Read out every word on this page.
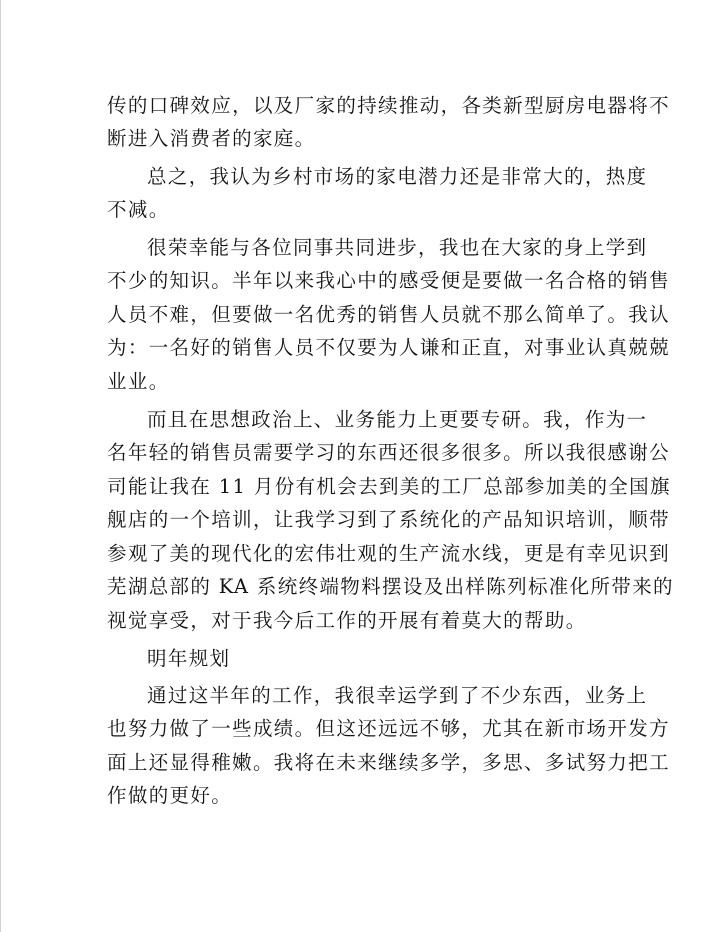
传的口碑效应，以及厂家的持续推动，各类新型厨房电器将不
断进入消费者的家庭。
总之，我认为乡村市场的家电潜力还是非常大的，热度
不减。
很荣幸能与各位同事共同进步，我也在大家的身上学到
不少的知识。半年以来我心中的感受便是要做一名合格的销售
人员不难，但要做一名优秀的销售人员就不那么简单了。我认
为：一名好的销售人员不仅要为人谦和正直，对事业认真兢兢
业业。
而且在思想政治上、业务能力上更要专研。我，作为一
名年轻的销售员需要学习的东西还很多很多。所以我很感谢公
司能让我在 11 月份有机会去到美的工厂总部参加美的全国旗
舰店的一个培训，让我学习到了系统化的产品知识培训，顺带
参观了美的现代化的宏伟壮观的生产流水线，更是有幸见识到
芜湖总部的 KA 系统终端物料摆设及出样陈列标准化所带来的
视觉享受，对于我今后工作的开展有着莫大的帮助。
明年规划
通过这半年的工作，我很幸运学到了不少东西，业务上
也努力做了一些成绩。但这还远远不够，尤其在新市场开发方
面上还显得稚嫩。我将在未来继续多学，多思、多试努力把工
作做的更好。
